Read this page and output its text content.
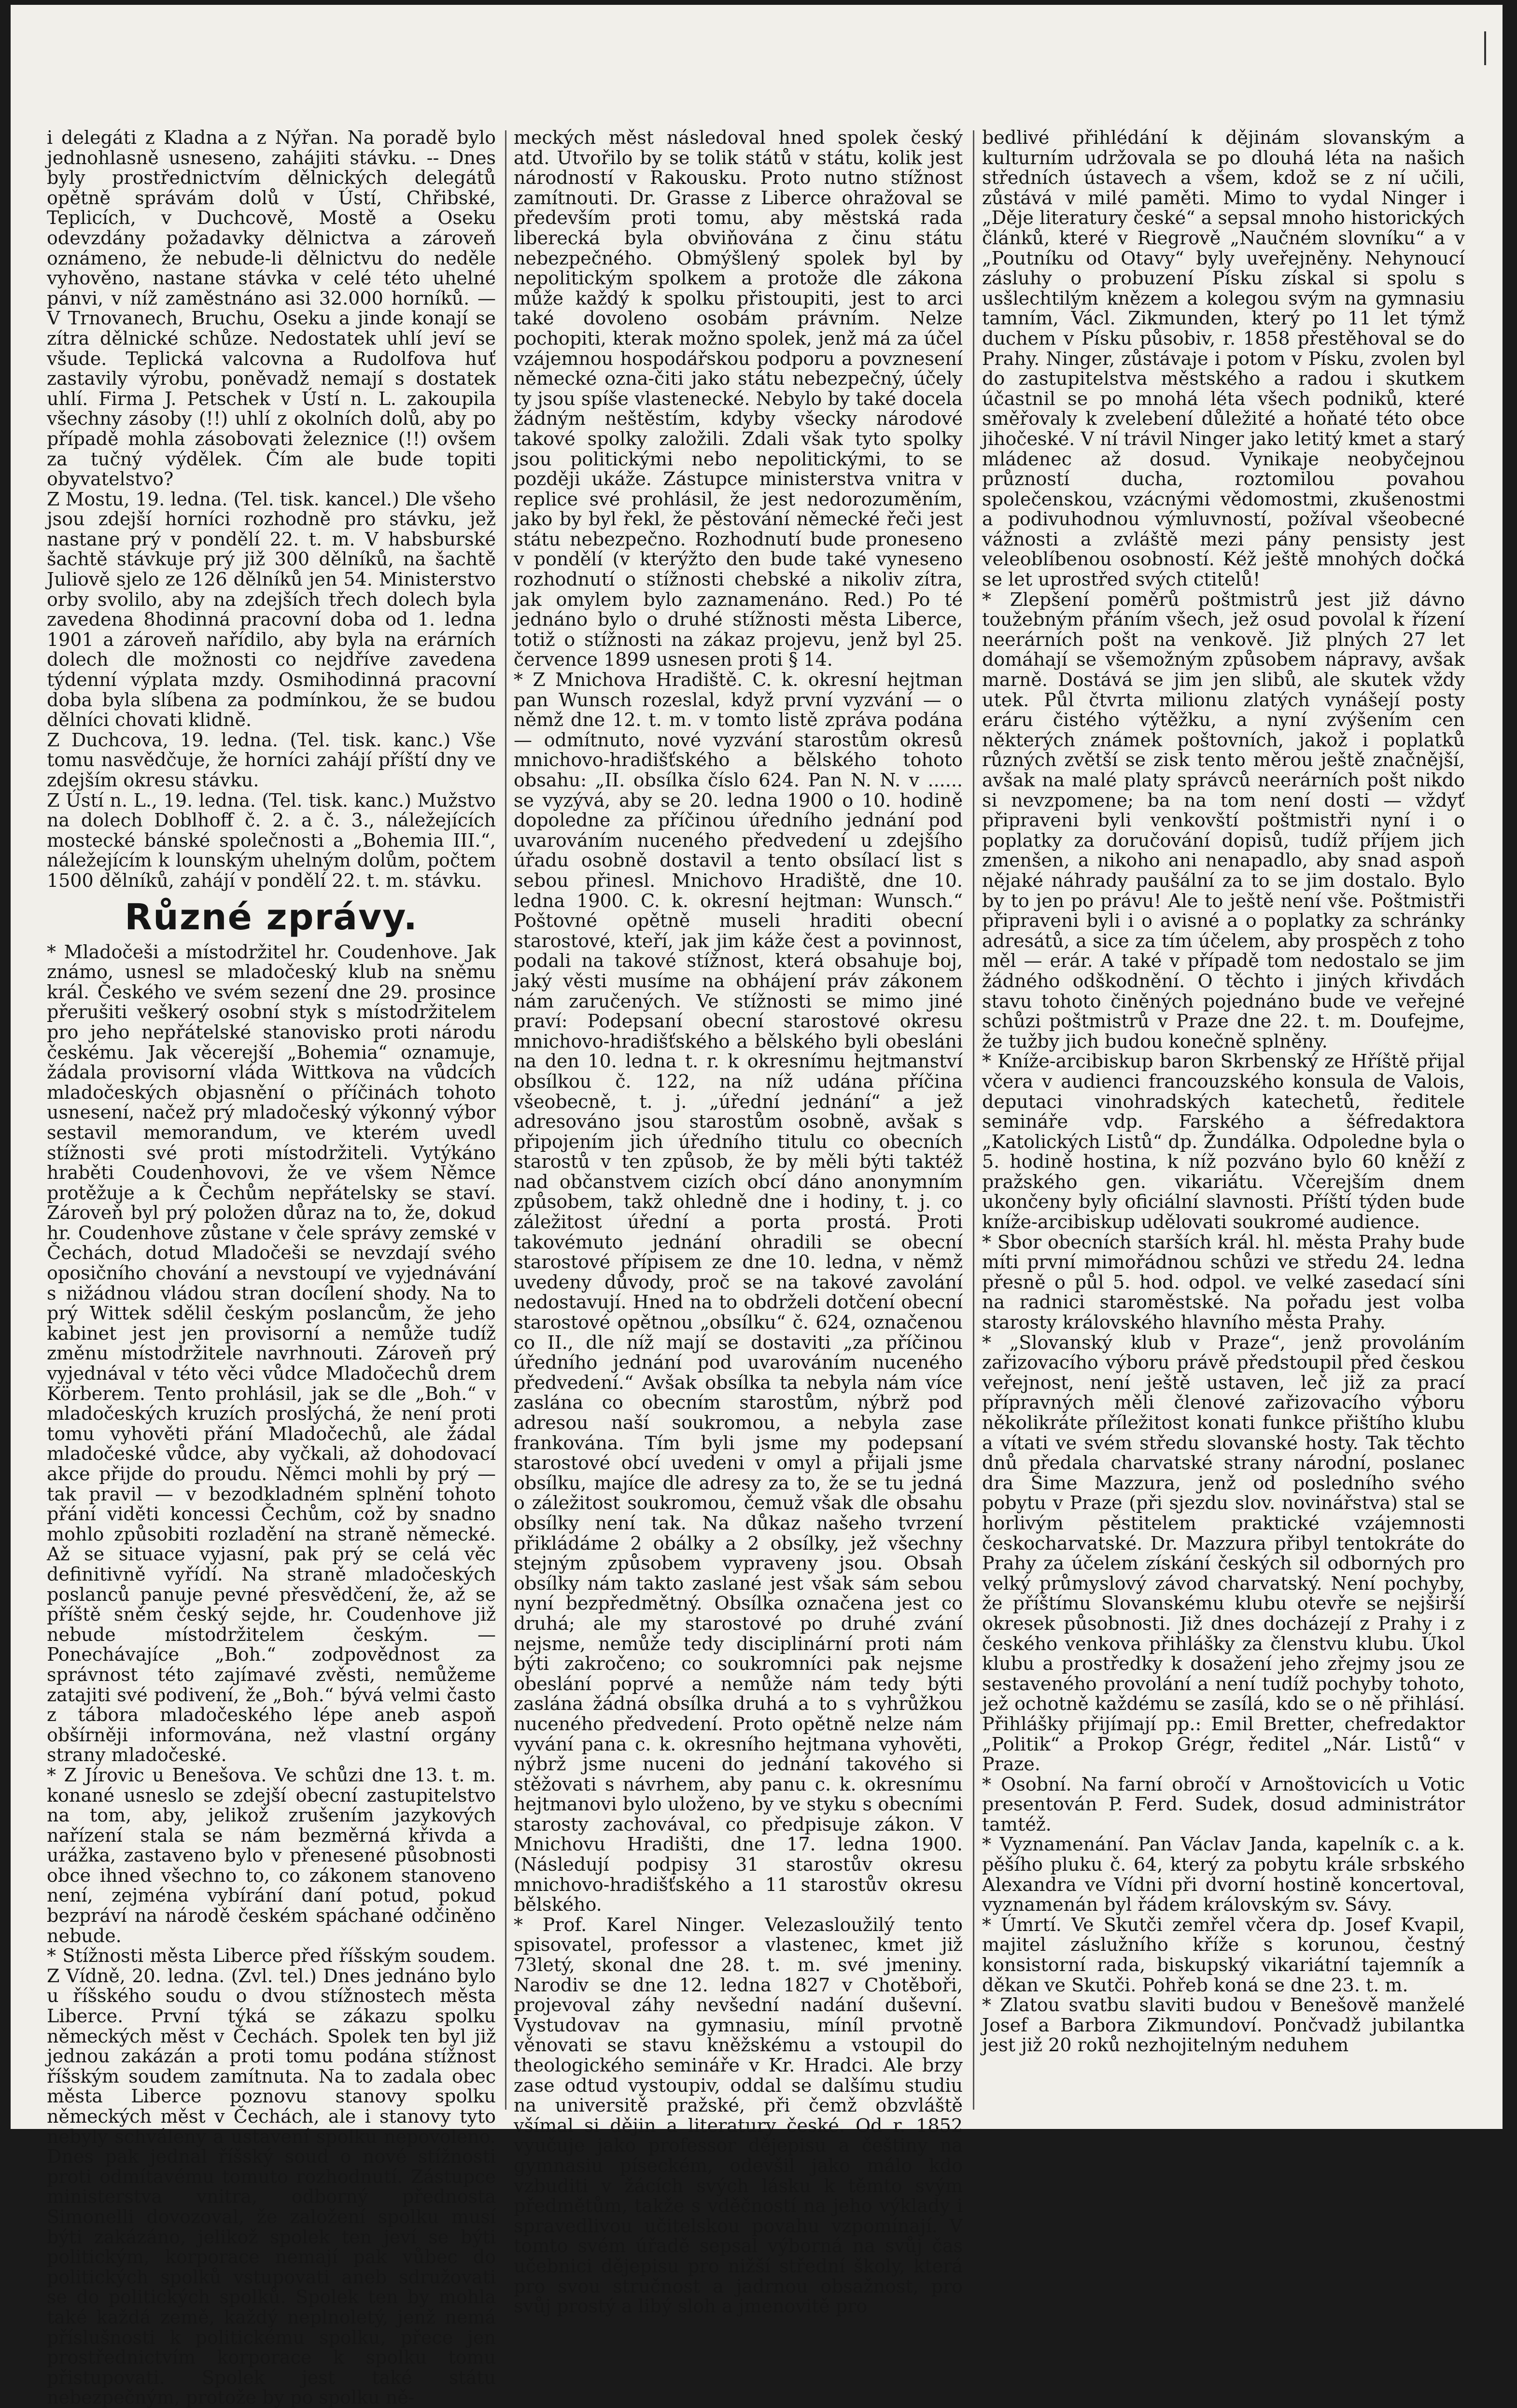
i delegáti z Kladna a z Nýřan. Na poradě bylo jednohlasně usneseno, zahájiti stávku. -- Dnes byly prostřednictvím dělnických delegátů opětně správám dolů v Ústí, Chřibské, Teplicích, v Duchcově, Mostě a Oseku odevzdány požadavky dělnictva a zároveň oznámeno, že nebude-li dělnictvu do neděle vyhověno, nastane stávka v celé této uhelné pánvi, v níž zaměstnáno asi 32.000 horníků. — V Trnovanech, Bruchu, Oseku a jinde konají se zítra dělnické schůze. Nedostatek uhlí jeví se všude. Teplická valcovna a Rudolfova huť zastavily výrobu, poněvadž nemají s dostatek uhlí. Firma J. Petschek v Ústí n. L. zakoupila všechny zásoby (!!) uhlí z okolních dolů, aby po případě mohla zásobovati železnice (!!) ovšem za tučný výdělek. Čím ale bude topiti obyvatelstvo?

Z Mostu, 19. ledna. (Tel. tisk. kancel.) Dle všeho jsou zdejší horníci rozhodně pro stávku, jež nastane prý v pondělí 22. t. m. V habsburské šachtě stávkuje prý již 300 dělníků, na šachtě Juliově sjelo ze 126 dělníků jen 54. Ministerstvo orby svolilo, aby na zdejších třech dolech byla zavedena 8hodinná pracovní doba od 1. ledna 1901 a zároveň nařídilo, aby byla na erárních dolech dle možnosti co nejdříve zavedena týdenní výplata mzdy. Osmihodinná pracovní doba byla slíbena za podmínkou, že se budou dělníci chovati klidně.

Z Duchcova, 19. ledna. (Tel. tisk. kanc.) Vše tomu nasvědčuje, že horníci zahájí příští dny ve zdejším okresu stávku.

Z Ústí n. L., 19. ledna. (Tel. tisk. kanc.) Mužstvo na dolech Doblhoff č. 2. a č. 3., náležejících mostecké bánské společnosti a „Bohemia III.“, náležejícím k lounským uhelným dolům, počtem 1500 dělníků, zahájí v pondělí 22. t. m. stávku.

Různé zprávy.

* Mladočeši a místodržitel hr. Coudenhove. Jak známo, usnesl se mladočeský klub na sněmu král. Českého ve svém sezení dne 29. prosince přerušiti veškerý osobní styk s místodržitelem pro jeho nepřátelské stanovisko proti národu českému. Jak věcerejší „Bohemia“ oznamuje, žádala provisorní vláda Wittkova na vůdcích mladočeských objasnění o příčinách tohoto usnesení, načež prý mladočeský výkonný výbor sestavil memorandum, ve kterém uvedl stížnosti své proti místodržiteli. Vytýkáno hraběti Coudenhovovi, že ve všem Němce protěžuje a k Čechům nepřátelsky se staví. Zároveň byl prý položen důraz na to, že, dokud hr. Coudenhove zůstane v čele správy zemské v Čechách, dotud Mladočeši se nevzdají svého oposičního chování a nevstoupí ve vyjednávání s nižádnou vládou stran docílení shody. Na to prý Wittek sdělil českým poslancům, že jeho kabinet jest jen provisorní a nemůže tudíž změnu místodržitele navrhnouti. Zároveň prý vyjednával v této věci vůdce Mladočechů drem Körberem. Tento prohlásil, jak se dle „Boh.“ v mladočeských kruzích proslýchá, že není proti tomu vyhověti přání Mladočechů, ale žádal mladočeské vůdce, aby vyčkali, až dohodovací akce přijde do proudu. Němci mohli by prý — tak pravil — v bezodkladném splnění tohoto přání viděti koncessi Čechům, což by snadno mohlo způsobiti rozladění na straně německé. Až se situace vyjasní, pak prý se celá věc definitivně vyřídí. Na straně mladočeských poslanců panuje pevné přesvědčení, že, až se příště sněm český sejde, hr. Coudenhove již nebude místodržitelem českým. — Ponechávajíce „Boh.“ zodpovědnost za správnost této zajímavé zvěsti, nemůžeme zatajiti své podivení, že „Boh.“ bývá velmi často z tábora mladočeského lépe aneb aspoň obšírněji informována, než vlastní orgány strany mladočeské.

* Z Jírovic u Benešova. Ve schůzi dne 13. t. m. konané usneslo se zdejší obecní zastupitelstvo na tom, aby, jelikož zrušením jazykových nařízení stala se nám bezměrná křivda a urážka, zastaveno bylo v přenesené působnosti obce ihned všechno to, co zákonem stanoveno není, zejména vybírání daní potud, pokud bezpráví na národě českém spáchané odčiněno nebude.

* Stížnosti města Liberce před říšským soudem. Z Vídně, 20. ledna. (Zvl. tel.) Dnes jednáno bylo u říšského soudu o dvou stížnostech města Liberce. První týká se zákazu spolku německých měst v Čechách. Spolek ten byl již jednou zakázán a proti tomu podána stížnost říšským soudem zamítnuta. Na to zadala obec města Liberce poznovu stanovy spolku německých měst v Čechách, ale i stanovy tyto nebyly schváleny a ustavení spolku nepovoleno. Dnes pak jednal říšský soud o nové stížnosti proti odmítavému tomuto rozhodnutí. Zástupce ministerstva vnitra, odborný přednosta Simonelli dovozoval, že založení spolku musí býti zakázáno, jelikož spolek ten jeví se býti politickým, korporace nemají pak vůbec do politických spolků vstupovati aneb sdružovati se do politických spolků. Spolek ten by mohla také každá země, každý neplnoletý, jenž nemá příslušnosti k politickému spolku, přece jen prostřednictvím korporace k spolku tomu přistupovati. Spolek jest také státu nebezpečným, protože by po spolku ně-

meckých měst následoval hned spolek český atd. Utvořilo by se tolik států v státu, kolik jest národností v Rakousku. Proto nutno stížnost zamítnouti. Dr. Grasse z Liberce ohražoval se především proti tomu, aby městská rada liberecká byla obviňována z činu státu nebezpečného. Obmýšlený spolek byl by nepolitickým spolkem a protože dle zákona může každý k spolku přistoupiti, jest to arci také dovoleno osobám právním. Nelze pochopiti, kterak možno spolek, jenž má za účel vzájemnou hospodářskou podporu a povznesení německé ozna-čiti jako státu nebezpečný, účely ty jsou spíše vlastenecké. Nebylo by také docela žádným neštěstím, kdyby všecky národové takové spolky založili. Zdali však tyto spolky jsou politickými nebo nepolitickými, to se později ukáže. Zástupce ministerstva vnitra v replice své prohlásil, že jest nedorozuměním, jako by byl řekl, že pěstování německé řeči jest státu nebezpečno. Rozhodnutí bude proneseno v pondělí (v kterýžto den bude také vyneseno rozhodnutí o stížnosti chebské a nikoliv zítra, jak omylem bylo zaznamenáno. Red.) Po té jednáno bylo o druhé stížnosti města Liberce, totiž o stížnosti na zákaz projevu, jenž byl 25. července 1899 usnesen proti § 14.

* Z Mnichova Hradiště. C. k. okresní hejtman pan Wunsch rozeslal, když první vyzvání — o němž dne 12. t. m. v tomto listě zpráva podána — odmítnuto, nové vyzvání starostům okresů mnichovo-hradišťského a bělského tohoto obsahu: „II. obsílka číslo 624. Pan N. N. v ...... se vyzývá, aby se 20. ledna 1900 o 10. hodině dopoledne za příčinou úředního jednání pod uvarováním nuceného předvedení u zdejšího úřadu osobně dostavil a tento obsílací list s sebou přinesl. Mnichovo Hradiště, dne 10. ledna 1900. C. k. okresní hejtman: Wunsch.“ Poštovné opětně museli hraditi obecní starostové, kteří, jak jim káže čest a povinnost, podali na takové stížnost, která obsahuje boj, jaký věsti musíme na obhájení práv zákonem nám zaručených. Ve stížnosti se mimo jiné praví: Podepsaní obecní starostové okresu mnichovo-hradišťského a bělského byli obesláni na den 10. ledna t. r. k okresnímu hejtmanství obsílkou č. 122, na níž udána příčina všeobecně, t. j. „úřední jednání“ a jež adresováno jsou starostům osobně, avšak s připojením jich úředního titulu co obecních starostů v ten způsob, že by měli býti taktéž nad občanstvem cizích obcí dáno anonymním způsobem, takž ohledně dne i hodiny, t. j. co záležitost úřední a porta prostá. Proti takovémuto jednání ohradili se obecní starostové přípisem ze dne 10. ledna, v němž uvedeny důvody, proč se na takové zavolání nedostavují. Hned na to obdrželi dotčení obecní starostové opětnou „obsílku“ č. 624, označenou co II., dle níž mají se dostaviti „za příčinou úředního jednání pod uvarováním nuceného předvedení.“ Avšak obsílka ta nebyla nám více zaslána co obecním starostům, nýbrž pod adresou naší soukromou, a nebyla zase frankována. Tím byli jsme my podepsaní starostové obcí uvedeni v omyl a přijali jsme obsílku, majíce dle adresy za to, že se tu jedná o záležitost soukromou, čemuž však dle obsahu obsílky není tak. Na důkaz našeho tvrzení přikládáme 2 obálky a 2 obsílky, jež všechny stejným způsobem vypraveny jsou. Obsah obsílky nám takto zaslané jest však sám sebou nyní bezpředmětný. Obsílka označena jest co druhá; ale my starostové po druhé zvání nejsme, nemůže tedy disciplinární proti nám býti zakročeno; co soukromníci pak nejsme obeslání poprvé a nemůže nám tedy býti zaslána žádná obsílka druhá a to s vyhrůžkou nuceného předvedení. Proto opětně nelze nám vyvání pana c. k. okresního hejtmana vyhověti, nýbrž jsme nuceni do jednání takového si stěžovati s návrhem, aby panu c. k. okresnímu hejtmanovi bylo uloženo, by ve styku s obecními starosty zachovával, co předpisuje zákon. V Mnichovu Hradišti, dne 17. ledna 1900. (Následují podpisy 31 starostův okresu mnichovo-hradišťského a 11 starostův okresu bělského.

* Prof. Karel Ninger. Velezasloužilý tento spisovatel, professor a vlastenec, kmet již 73letý, skonal dne 28. t. m. své jmeniny. Narodiv se dne 12. ledna 1827 v Chotěboři, projevoval záhy nevšední nadání duševní. Vystudovav na gymnasiu, míníl prvotně věnovati se stavu kněžskému a vstoupil do theologického semináře v Kr. Hradci. Ale brzy zase odtud vystoupiv, oddal se dalšímu studiu na universitě pražské, při čemž obzvláště všímal si dějin a literatury české. Od r. 1852 vyučuje jako professor dějepisu a češtiny na gymnasiu píseckém, odevšil jako málo kdo vzbuditi v žácích svých lásku k těmto svým předmětům, takže s vděčností na jeho výklady i spravedlivou učitelskou povahu vzpomínají. V tomto svém úřadě sepsal výborná na svůj čas učebnici dějepisu pro nižší střední školy, která pro svou stručnost a jadrnou obsažnost, pro svůj prostý a libý sloh a jmenovitě pro

bedlivé přihlédání k dějinám slovanským a kulturním udržovala se po dlouhá léta na našich středních ústavech a všem, kdož se z ní učili, zůstává v milé paměti. Mimo to vydal Ninger i „Děje literatury české“ a sepsal mnoho historických článků, které v Riegrově „Naučném slovníku“ a v „Poutníku od Otavy“ byly uveřejněny. Nehynoucí zásluhy o probuzení Písku získal si spolu s usšlechtilým knězem a kolegou svým na gymnasiu tamním, Václ. Zikmunden, který po 11 let týmž duchem v Písku působiv, r. 1858 přestěhoval se do Prahy. Ninger, zůstávaje i potom v Písku, zvolen byl do zastupitelstva městského a radou i skutkem účastnil se po mnohá léta všech podniků, které směřovaly k zvelebení důležité a hoňaté této obce jihočeské. V ní trávil Ninger jako letitý kmet a starý mládenec až dosud. Vynikaje neobyčejnou průzností ducha, roztomilou povahou společenskou, vzácnými vědomostmi, zkušenostmi a podivuhodnou výmluvností, požíval všeobecné vážnosti a zvláště mezi pány pensisty jest veleoblíbenou osobností. Kéž ještě mnohých dočká se let uprostřed svých ctitelů!

* Zlepšení poměrů poštmistrů jest již dávno toužebným přáním všech, jež osud povolal k řízení neerárních pošt na venkově. Již plných 27 let domáhají se všemožným způsobem nápravy, avšak marně. Dostává se jim jen slibů, ale skutek vždy utek. Půl čtvrta milionu zlatých vynášejí posty eráru čistého výtěžku, a nyní zvýšením cen některých známek poštovních, jakož i poplatků různých zvětší se zisk tento měrou ještě značnější, avšak na malé platy správců neerárních pošt nikdo si nevzpomene; ba na tom není dosti — vždyť připraveni byli venkovští poštmistři nyní i o poplatky za doručování dopisů, tudíž příjem jich zmenšen, a nikoho ani nenapadlo, aby snad aspoň nějaké náhrady paušální za to se jim dostalo. Bylo by to jen po právu! Ale to ještě není vše. Poštmistři připraveni byli i o avisné a o poplatky za schránky adresátů, a sice za tím účelem, aby prospěch z toho měl — erár. A také v případě tom nedostalo se jim žádného odškodnění. O těchto i jiných křivdách stavu tohoto činěných pojednáno bude ve veřejné schůzi poštmistrů v Praze dne 22. t. m. Doufejme, že tužby jich budou konečně splněny.

* Kníže-arcibiskup baron Skrbenský ze Hříště přijal včera v audienci francouzského konsula de Valois, deputaci vinohradských katechetů, ředitele semináře vdp. Farského a šéfredaktora „Katolických Listů“ dp. Žundálka. Odpoledne byla o 5. hodině hostina, k níž pozváno bylo 60 kněží z pražského gen. vikariátu. Včerejším dnem ukončeny byly oficiální slavnosti. Příští týden bude kníže-arcibiskup udělovati soukromé audience.

* Sbor obecních starších král. hl. města Prahy bude míti první mimořádnou schůzi ve středu 24. ledna přesně o půl 5. hod. odpol. ve velké zasedací síni na radnici staroměstské. Na pořadu jest volba starosty královského hlavního města Prahy.

* „Slovanský klub v Praze“, jenž provoláním zařizovacího výboru právě předstoupil před českou veřejnost, není ještě ustaven, leč již za prací přípravných měli členové zařizovacího výboru několikráte příležitost konati funkce přištího klubu a vítati ve svém středu slovanské hosty. Tak těchto dnů předala charvatské strany národní, poslanec dra Šime Mazzura, jenž od posledního svého pobytu v Praze (při sjezdu slov. novinářstva) stal se horlivým pěstitelem praktické vzájemnosti českocharvatské. Dr. Mazzura přibyl tentokráte do Prahy za účelem získání českých sil odborných pro velký průmyslový závod charvatský. Není pochyby, že příštímu Slovanskému klubu otevře se nejširší okresek působnosti. Již dnes docházejí z Prahy i z českého venkova přihlášky za členstvu klubu. Úkol klubu a prostředky k dosažení jeho zřejmy jsou ze sestaveného provolání a není tudíž pochyby tohoto, jež ochotně každému se zasílá, kdo se o ně přihlásí. Přihlášky přijímají pp.: Emil Bretter, chefredaktor „Politik“ a Prokop Grégr, ředitel „Nár. Listů“ v Praze.

* Osobní. Na farní obročí v Arnoštovicích u Votic presentován P. Ferd. Sudek, dosud administrátor tamtéž.

* Vyznamenání. Pan Václav Janda, kapelník c. a k. pěšího pluku č. 64, který za pobytu krále srbského Alexandra ve Vídni při dvorní hostině koncertoval, vyznamenán byl řádem královským sv. Sávy.

* Úmrtí. Ve Skutči zemřel včera dp. Josef Kvapil, majitel záslužního kříže s korunou, čestný konsistorní rada, biskupský vikariátní tajemník a děkan ve Skutči. Pohřeb koná se dne 23. t. m.

* Zlatou svatbu slaviti budou v Benešově manželé Josef a Barbora Zikmundoví. Pončvadž jubilantka jest již 20 roků nezhojitelným neduhem
